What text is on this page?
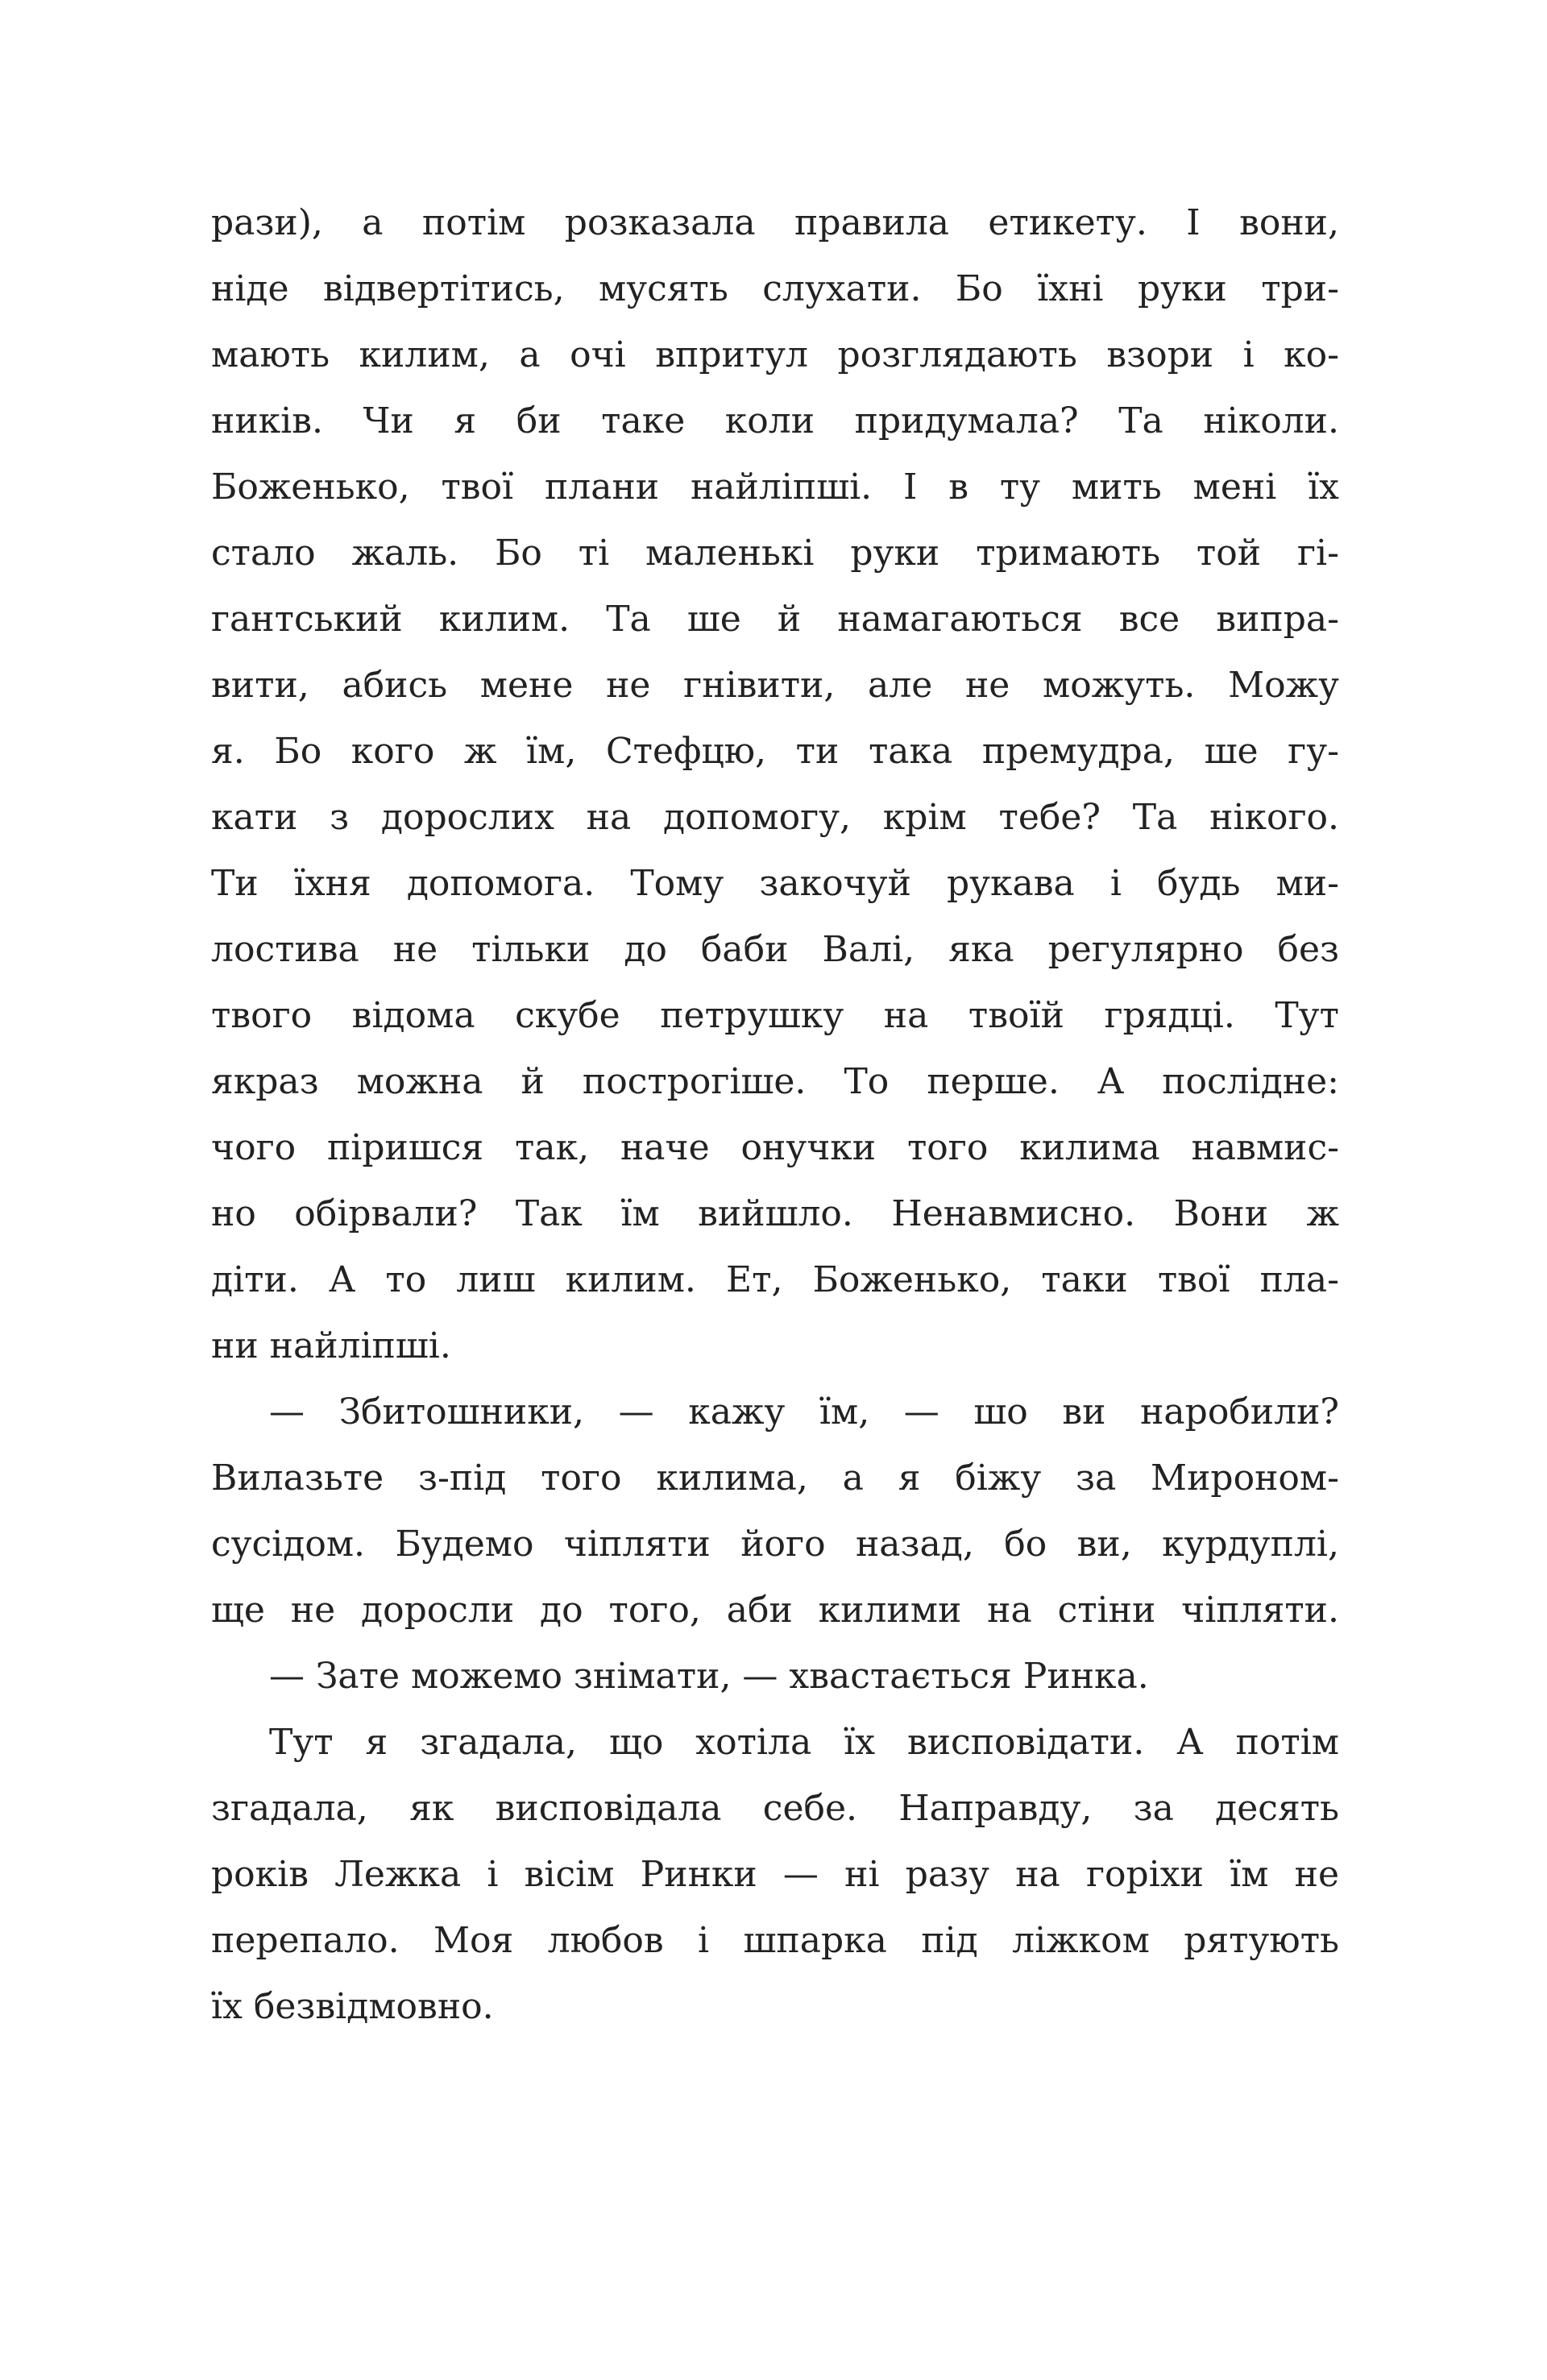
рази), а потім розказала правила етикету. І вони,
ніде відвертітись, мусять слухати. Бо їхні руки три-
мають килим, а очі впритул розглядають взори і ко-
ників. Чи я би таке коли придумала? Та ніколи.
Боженько, твої плани найліпші. І в ту мить мені їх
стало жаль. Бо ті маленькі руки тримають той гі-
гантський килим. Та ше й намагаються все випра-
вити, абись мене не гнівити, але не можуть. Можу
я. Бо кого ж їм, Стефцю, ти така премудра, ше гу-
кати з дорослих на допомогу, крім тебе? Та нікого.
Ти їхня допомога. Тому закочуй рукава і будь ми-
лостива не тільки до баби Валі, яка регулярно без
твого відома скубе петрушку на твоїй грядці. Тут
якраз можна й построгіше. То перше. А послідне:
чого піришся так, наче онучки того килима навмис-
но обірвали? Так їм вийшло. Ненавмисно. Вони ж
діти. А то лиш килим. Ет, Боженько, таки твої пла-
ни найліпші.
— Збитошники, — кажу їм, — шо ви наробили?
Вилазьте з-під того килима, а я біжу за Мироном-
сусідом. Будемо чіпляти його назад, бо ви, курдуплі,
ще не доросли до того, аби килими на стіни чіпляти.
— Зате можемо знімати, — хвастається Ринка.
Тут я згадала, що хотіла їх висповідати. А потім
згадала, як висповідала себе. Направду, за десять
років Лежка і вісім Ринки — ні разу на горіхи їм не
перепало. Моя любов і шпарка під ліжком рятують
їх безвідмовно.
